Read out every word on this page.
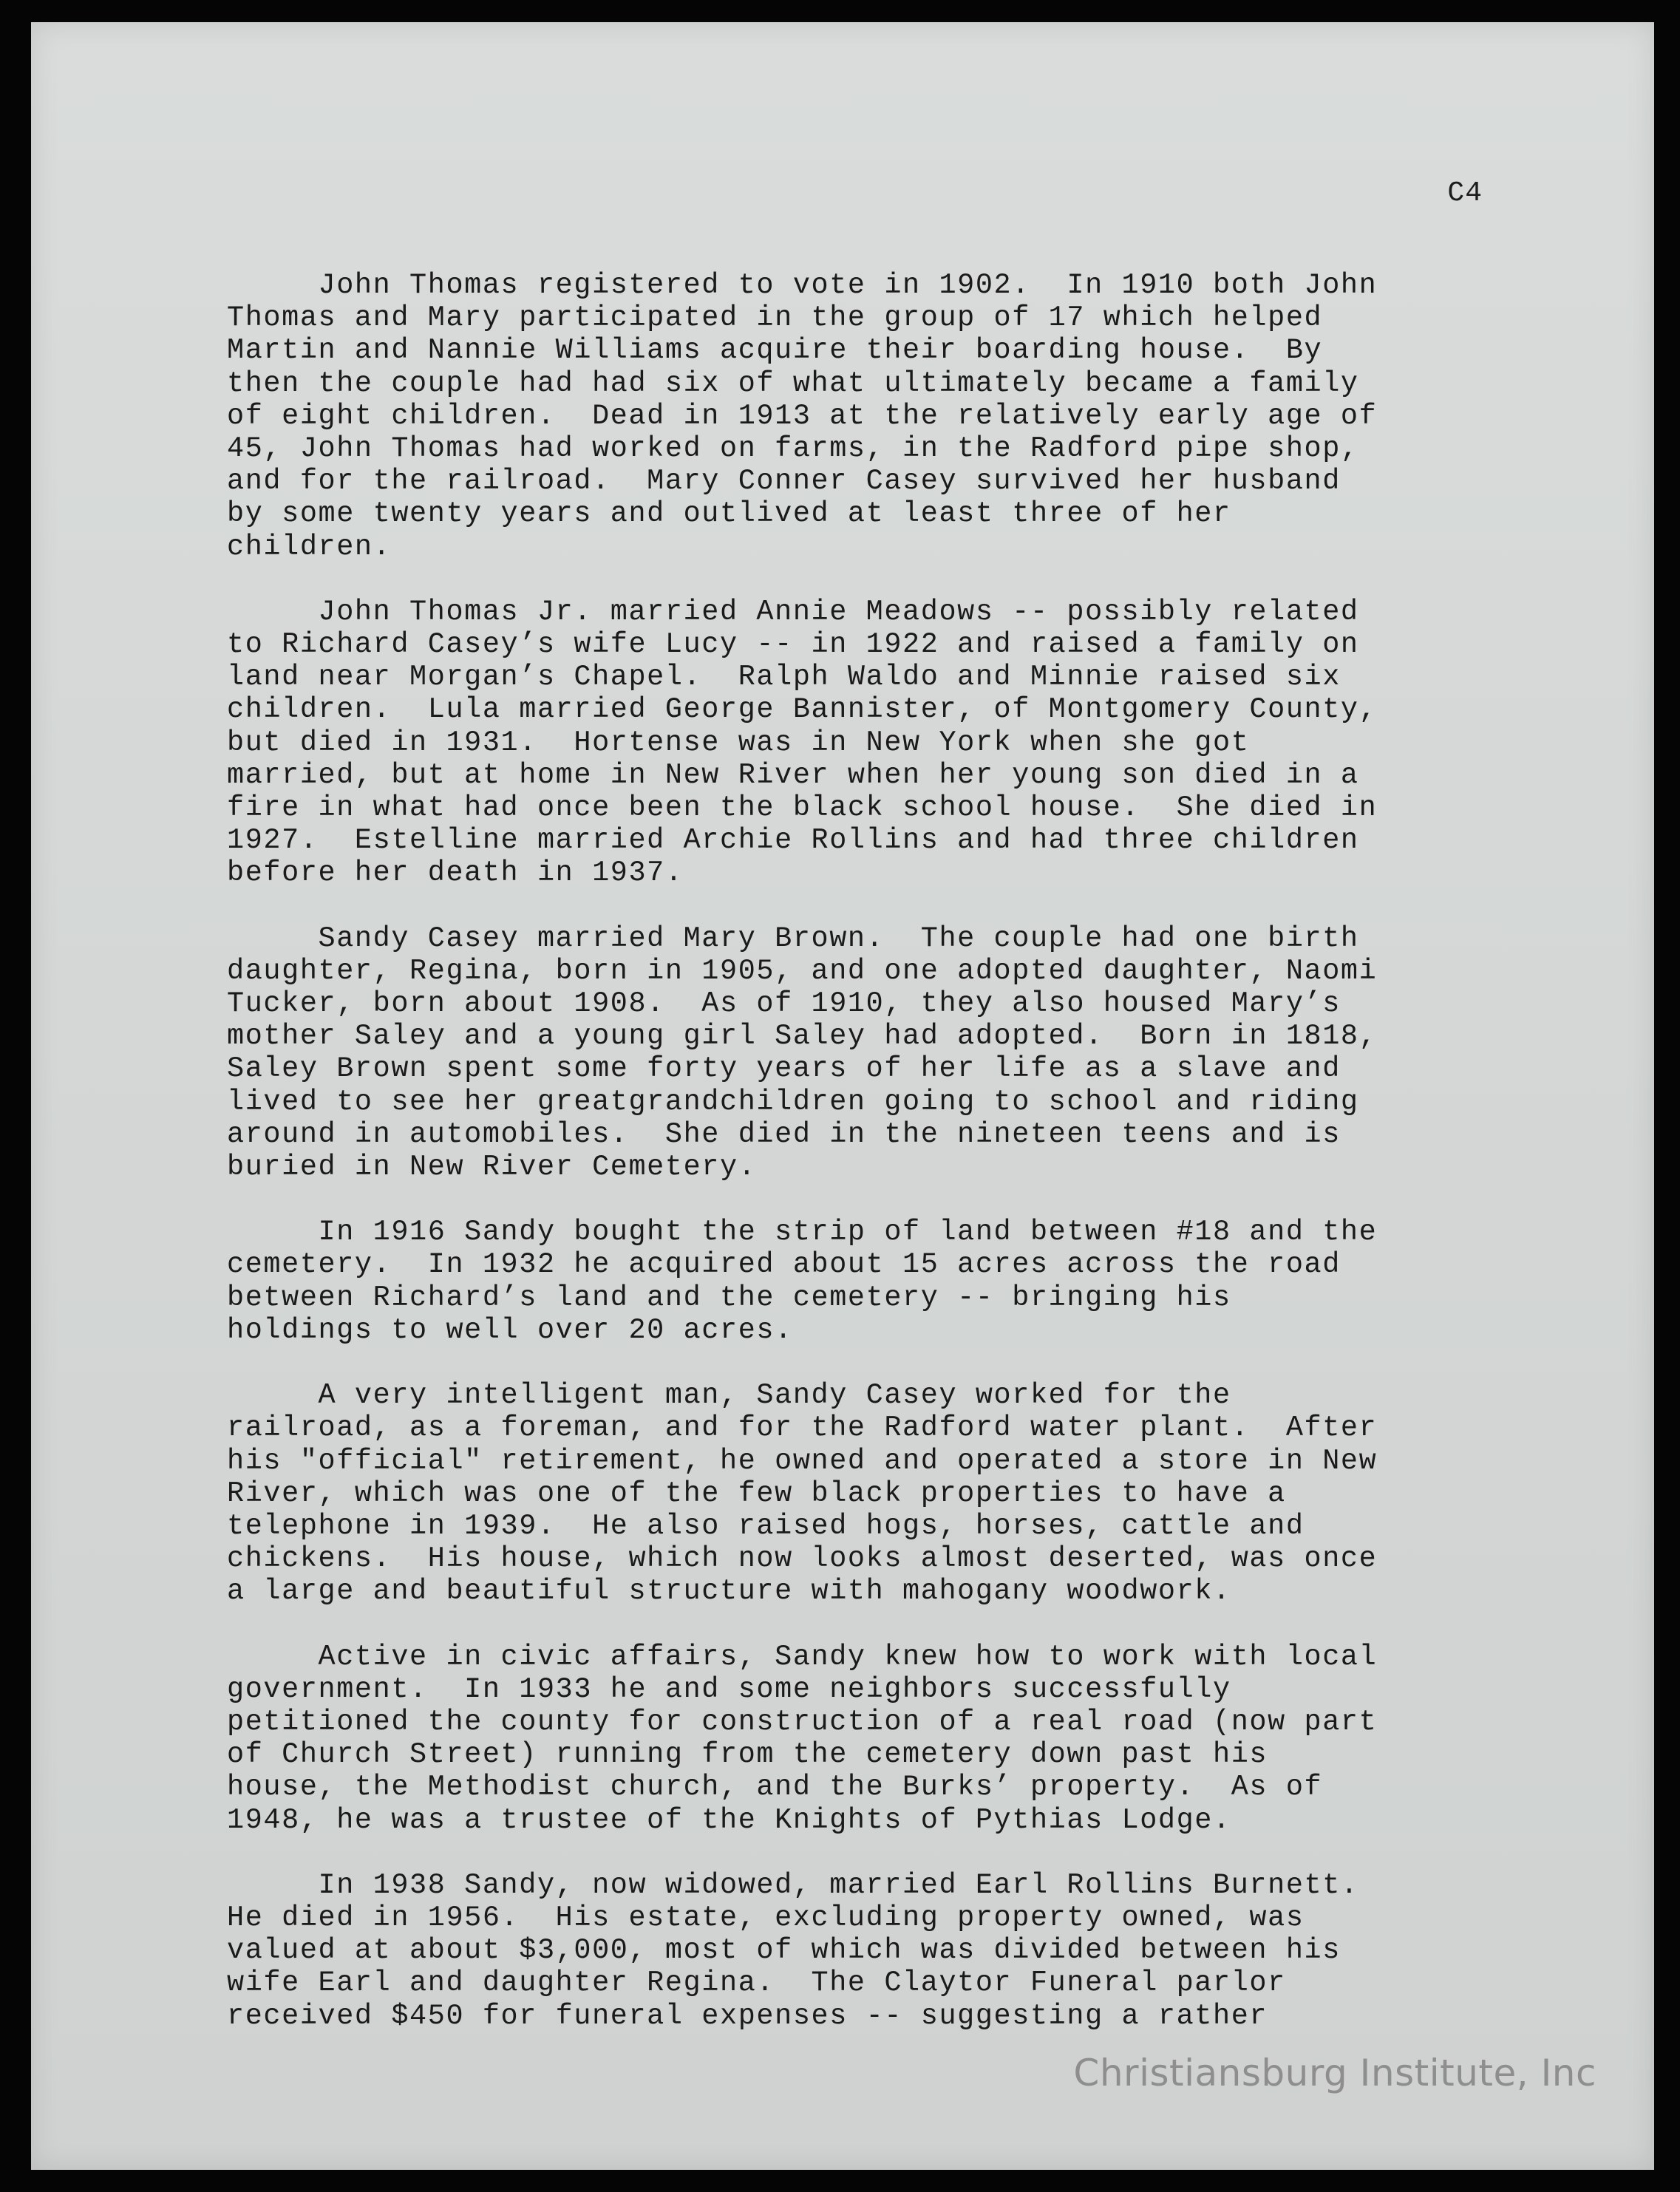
C4
John Thomas registered to vote in 1902.  In 1910 both John
Thomas and Mary participated in the group of 17 which helped
Martin and Nannie Williams acquire their boarding house.  By
then the couple had had six of what ultimately became a family
of eight children.  Dead in 1913 at the relatively early age of
45, John Thomas had worked on farms, in the Radford pipe shop,
and for the railroad.  Mary Conner Casey survived her husband
by some twenty years and outlived at least three of her
children.
John Thomas Jr. married Annie Meadows -- possibly related
to Richard Casey’s wife Lucy -- in 1922 and raised a family on
land near Morgan’s Chapel.  Ralph Waldo and Minnie raised six
children.  Lula married George Bannister, of Montgomery County,
but died in 1931.  Hortense was in New York when she got
married, but at home in New River when her young son died in a
fire in what had once been the black school house.  She died in
1927.  Estelline married Archie Rollins and had three children
before her death in 1937.
Sandy Casey married Mary Brown.  The couple had one birth
daughter, Regina, born in 1905, and one adopted daughter, Naomi
Tucker, born about 1908.  As of 1910, they also housed Mary’s
mother Saley and a young girl Saley had adopted.  Born in 1818,
Saley Brown spent some forty years of her life as a slave and
lived to see her greatgrandchildren going to school and riding
around in automobiles.  She died in the nineteen teens and is
buried in New River Cemetery.
In 1916 Sandy bought the strip of land between #18 and the
cemetery.  In 1932 he acquired about 15 acres across the road
between Richard’s land and the cemetery -- bringing his
holdings to well over 20 acres.
A very intelligent man, Sandy Casey worked for the
railroad, as a foreman, and for the Radford water plant.  After
his "official" retirement, he owned and operated a store in New
River, which was one of the few black properties to have a
telephone in 1939.  He also raised hogs, horses, cattle and
chickens.  His house, which now looks almost deserted, was once
a large and beautiful structure with mahogany woodwork.
Active in civic affairs, Sandy knew how to work with local
government.  In 1933 he and some neighbors successfully
petitioned the county for construction of a real road (now part
of Church Street) running from the cemetery down past his
house, the Methodist church, and the Burks’ property.  As of
1948, he was a trustee of the Knights of Pythias Lodge.
In 1938 Sandy, now widowed, married Earl Rollins Burnett.
He died in 1956.  His estate, excluding property owned, was
valued at about $3,000, most of which was divided between his
wife Earl and daughter Regina.  The Claytor Funeral parlor
received $450 for funeral expenses -- suggesting a rather
Christiansburg Institute, Inc
